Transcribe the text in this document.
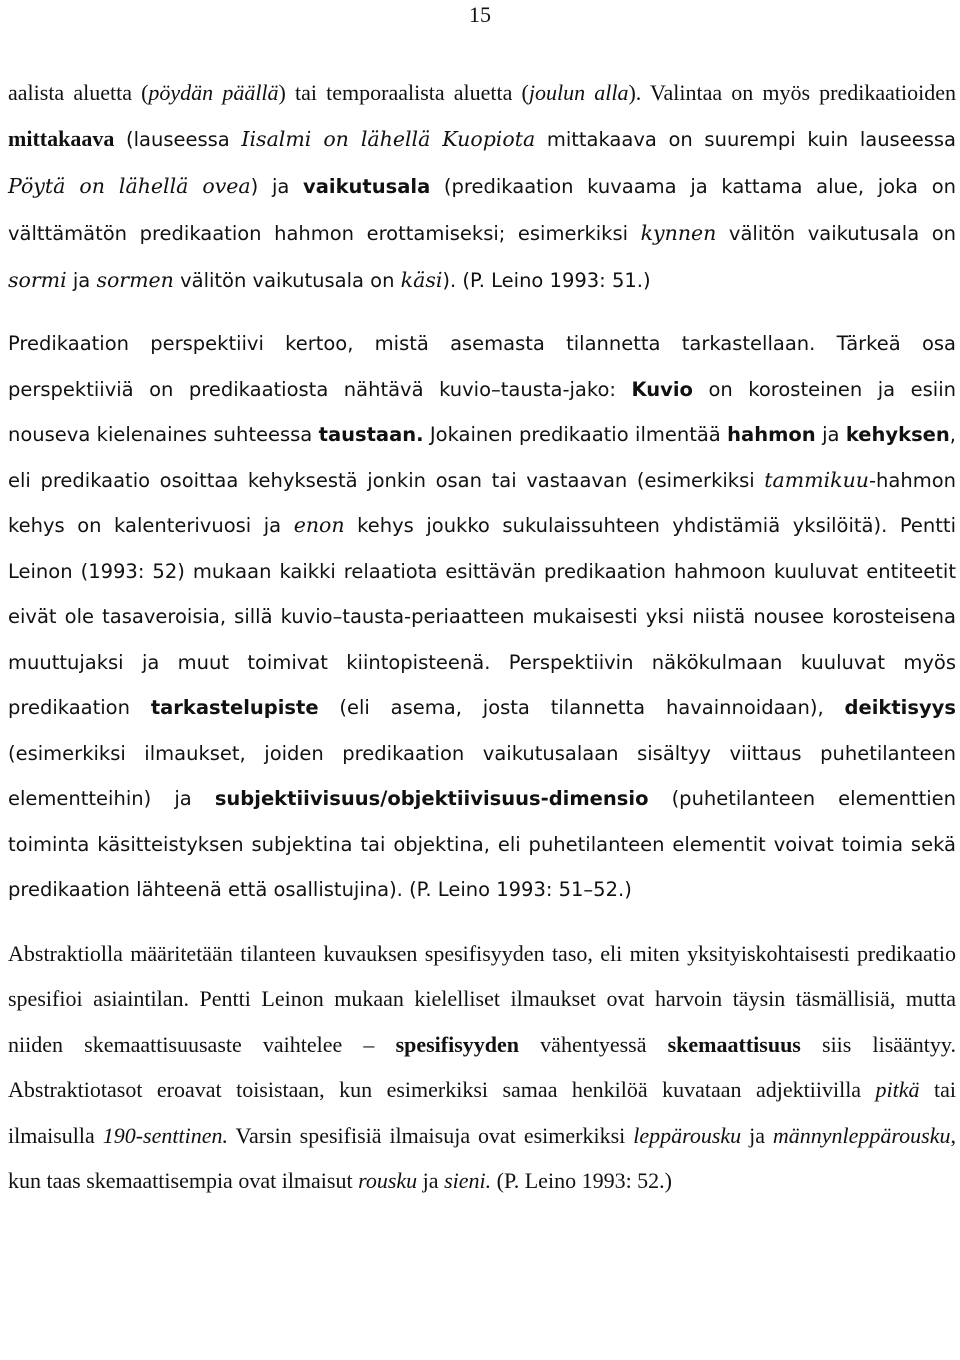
15

aalista aluetta (pöydän päällä) tai temporaalista aluetta (joulun alla). Valintaa on myös predikaatioiden mittakaava (lauseessa Iisalmi on lähellä Kuopiota mittakaava on suurempi kuin lauseessa Pöytä on lähellä ovea) ja vaikutusala (predikaation kuvaama ja kattama alue, joka on välttämätön predikaation hahmon erottamiseksi; esimerkiksi kynnen välitön vaikutusala on sormi ja sormen välitön vaikutusala on käsi). (P. Leino 1993: 51.)

Predikaation perspektiivi kertoo, mistä asemasta tilannetta tarkastellaan. Tärkeä osa perspektiiviä on predikaatiosta nähtävä kuvio–tausta-jako: Kuvio on korosteinen ja esiin nouseva kielenaines suhteessa taustaan. Jokainen predikaatio ilmentää hahmon ja kehyksen, eli predikaatio osoittaa kehyksestä jonkin osan tai vastaavan (esimerkiksi tammikuu-hahmon kehys on kalenterivuosi ja enon kehys joukko sukulaissuhteen yhdistämiä yksilöitä). Pentti Leinon (1993: 52) mukaan kaikki relaatiota esittävän predikaation hahmoon kuuluvat entiteetit eivät ole tasaveroisia, sillä kuvio–tausta-periaatteen mukaisesti yksi niistä nousee korosteisena muuttujaksi ja muut toimivat kiintopisteenä. Perspektiivin näkökulmaan kuuluvat myös predikaation tarkastelupiste (eli asema, josta tilannetta havainnoidaan), deiktisyys (esimerkiksi ilmaukset, joiden predikaation vaikutusalaan sisältyy viittaus puhetilanteen elementteihin) ja subjektiivisuus/objektiivisuus-dimensio (puhetilanteen elementtien toiminta käsitteistyksen subjektina tai objektina, eli puhetilanteen elementit voivat toimia sekä predikaation lähteenä että osallistujina). (P. Leino 1993: 51–52.)

Abstraktiolla määritetään tilanteen kuvauksen spesifisyyden taso, eli miten yksityiskohtaisesti predikaatio spesifioi asiaintilan. Pentti Leinon mukaan kielelliset ilmaukset ovat harvoin täysin täsmällisiä, mutta niiden skemaattisuusaste vaihtelee – spesifisyyden vähentyessä skemaattisuus siis lisääntyy. Abstraktiotasot eroavat toisistaan, kun esimerkiksi samaa henkilöä kuvataan adjektiivilla pitkä tai ilmaisulla 190-senttinen. Varsin spesifisiä ilmaisuja ovat esimerkiksi leppärousku ja männynleppärousku, kun taas skemaattisempia ovat ilmaisut rousku ja sieni. (P. Leino 1993: 52.)
